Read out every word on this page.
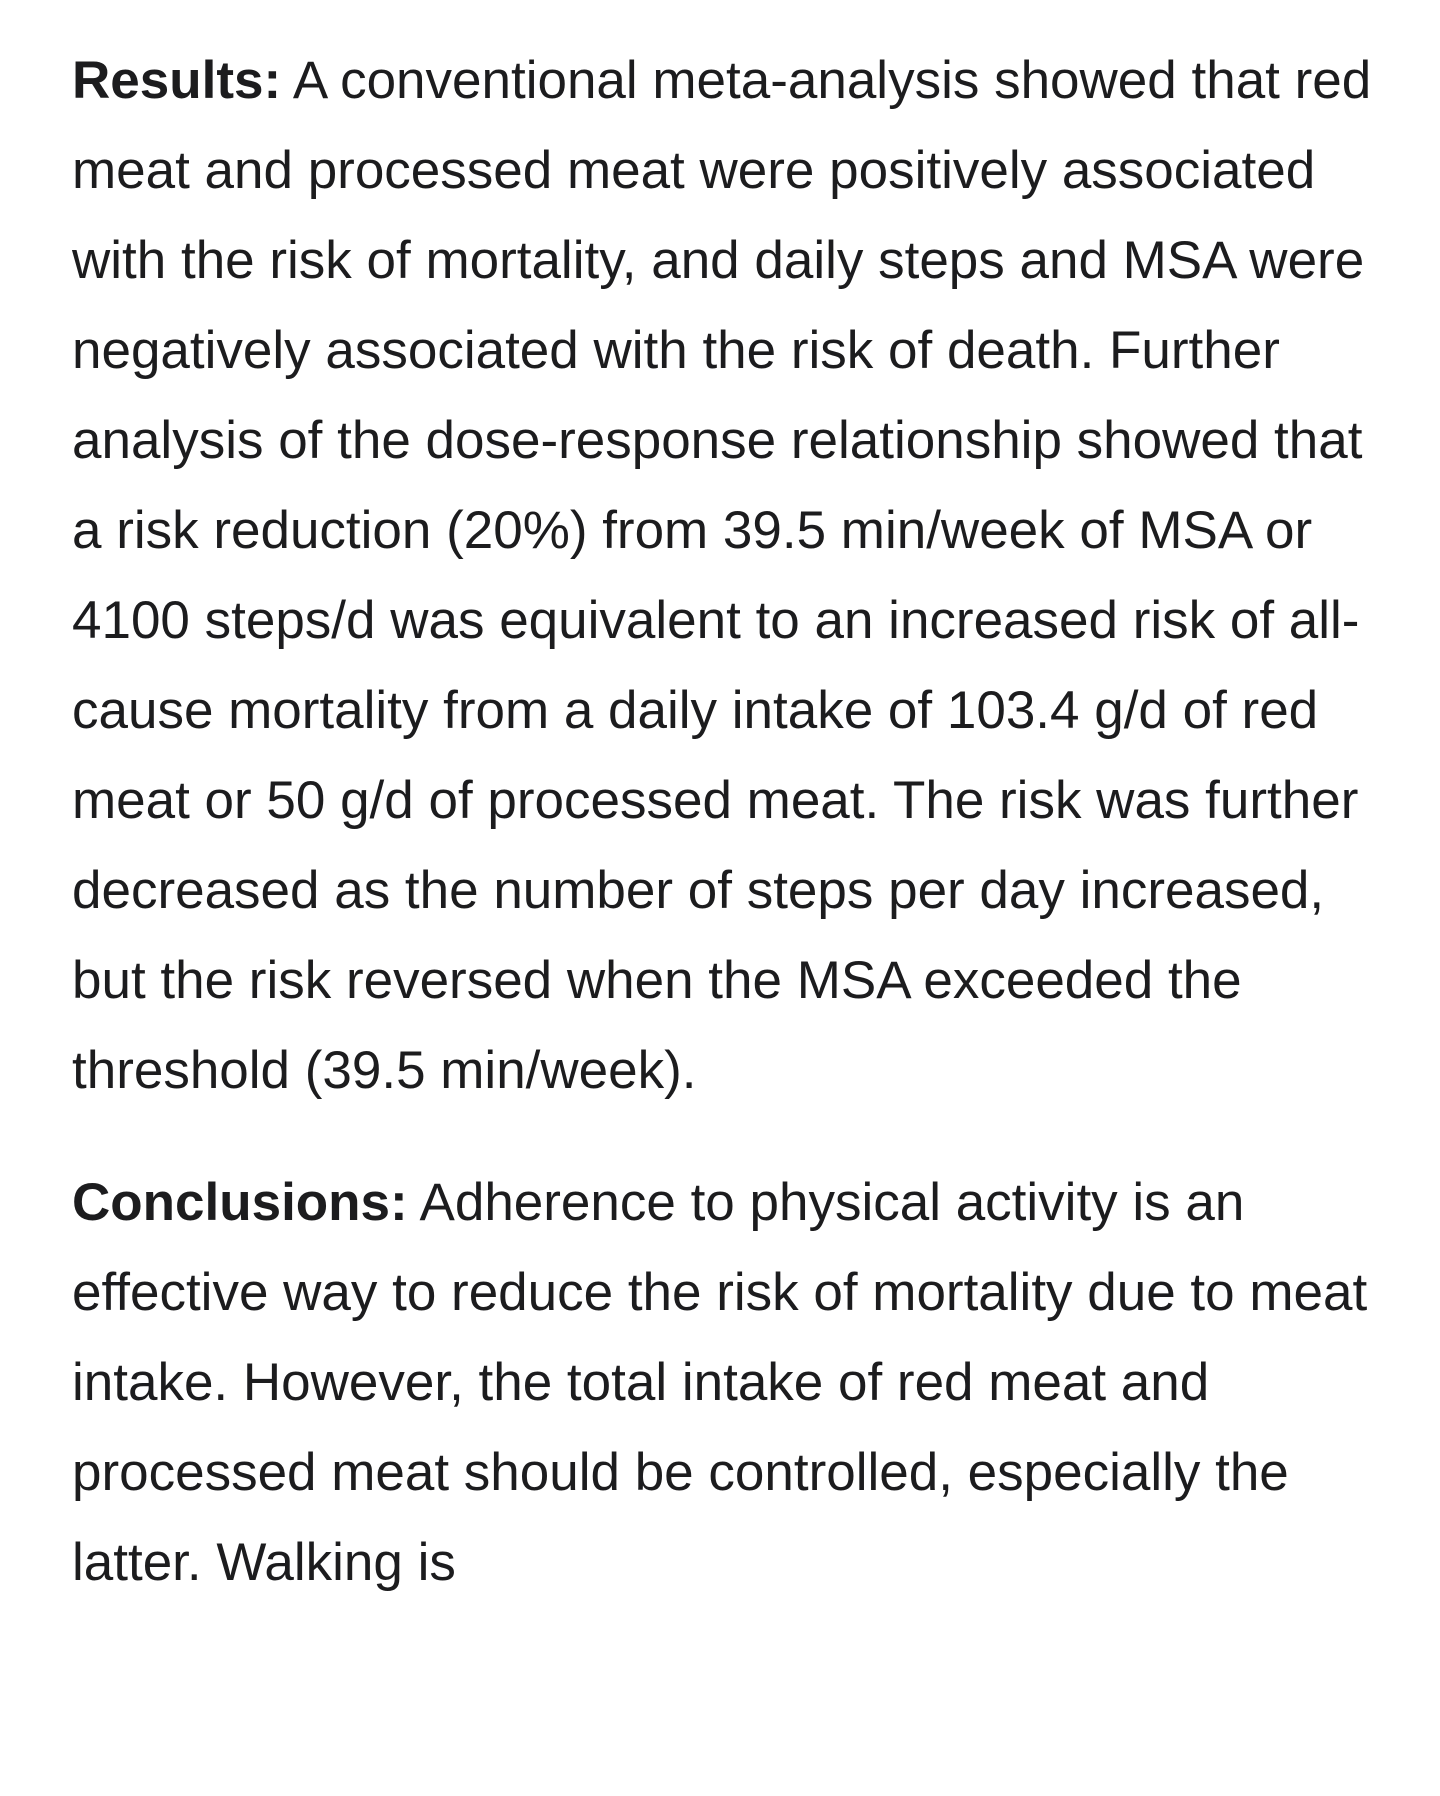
Results: A conventional meta-analysis showed that red meat and processed meat were positively associated with the risk of mortality, and daily steps and MSA were negatively associated with the risk of death. Further analysis of the dose-response relationship showed that a risk reduction (20%) from 39.5 min/week of MSA or 4100 steps/d was equivalent to an increased risk of all-cause mortality from a daily intake of 103.4 g/d of red meat or 50 g/d of processed meat. The risk was further decreased as the number of steps per day increased, but the risk reversed when the MSA exceeded the threshold (39.5 min/week).

Conclusions: Adherence to physical activity is an effective way to reduce the risk of mortality due to meat intake. However, the total intake of red meat and processed meat should be controlled, especially the latter. Walking is
